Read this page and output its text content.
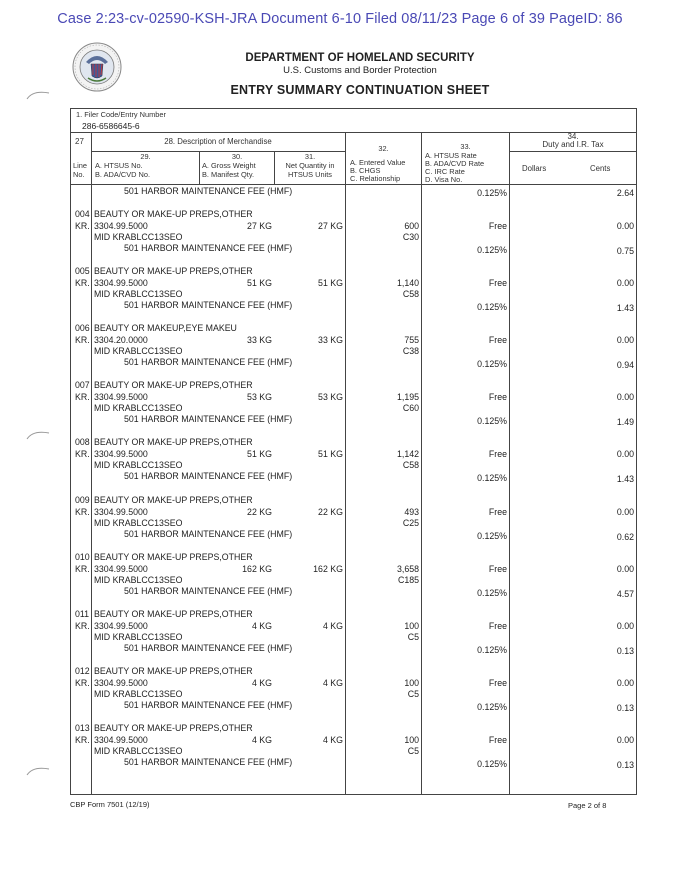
Case 2:23-cv-02590-KSH-JRA Document 6-10 Filed 08/11/23 Page 6 of 39 PageID: 86
DEPARTMENT OF HOMELAND SECURITY
U.S. Customs and Border Protection
ENTRY SUMMARY CONTINUATION SHEET
1. Filer Code/Entry Number
286-6586645-6
27	28. Description of Merchandise
Line
No.
29.
A. HTSUS No.
B. ADA/CVD No.
30.
A. Gross Weight
B. Manifest Qty.
31.
Net Quantity in
HTSUS Units
32.
A. Entered Value
B. CHGS
C. Relationship
33.
A. HTSUS Rate
B. ADA/CVD Rate
C. IRC Rate
D. Visa No.
34.
Duty and I.R. Tax
Dollars	Cents
501 HARBOR MAINTENANCE FEE (HMF)	0.125%	2.64
004 BEAUTY OR MAKE-UP PREPS,OTHER
KR. 3304.99.5000	27 KG	27 KG	600	Free	0.00
MID KRABLCC13SEO	C30
501 HARBOR MAINTENANCE FEE (HMF)	0.125%	0.75
005 BEAUTY OR MAKE-UP PREPS,OTHER
KR. 3304.99.5000	51 KG	51 KG	1,140	Free	0.00
MID KRABLCC13SEO	C58
501 HARBOR MAINTENANCE FEE (HMF)	0.125%	1.43
006 BEAUTY OR MAKEUP,EYE MAKEU
KR. 3304.20.0000	33 KG	33 KG	755	Free	0.00
MID KRABLCC13SEO	C38
501 HARBOR MAINTENANCE FEE (HMF)	0.125%	0.94
007 BEAUTY OR MAKE-UP PREPS,OTHER
KR. 3304.99.5000	53 KG	53 KG	1,195	Free	0.00
MID KRABLCC13SEO	C60
501 HARBOR MAINTENANCE FEE (HMF)	0.125%	1.49
008 BEAUTY OR MAKE-UP PREPS,OTHER
KR. 3304.99.5000	51 KG	51 KG	1,142	Free	0.00
MID KRABLCC13SEO	C58
501 HARBOR MAINTENANCE FEE (HMF)	0.125%	1.43
009 BEAUTY OR MAKE-UP PREPS,OTHER
KR. 3304.99.5000	22 KG	22 KG	493	Free	0.00
MID KRABLCC13SEO	C25
501 HARBOR MAINTENANCE FEE (HMF)	0.125%	0.62
010 BEAUTY OR MAKE-UP PREPS,OTHER
KR. 3304.99.5000	162 KG	162 KG	3,658	Free	0.00
MID KRABLCC13SEO	C185
501 HARBOR MAINTENANCE FEE (HMF)	0.125%	4.57
011 BEAUTY OR MAKE-UP PREPS,OTHER
KR. 3304.99.5000	4 KG	4 KG	100	Free	0.00
MID KRABLCC13SEO	C5
501 HARBOR MAINTENANCE FEE (HMF)	0.125%	0.13
012 BEAUTY OR MAKE-UP PREPS,OTHER
KR. 3304.99.5000	4 KG	4 KG	100	Free	0.00
MID KRABLCC13SEO	C5
501 HARBOR MAINTENANCE FEE (HMF)	0.125%	0.13
013 BEAUTY OR MAKE-UP PREPS,OTHER
KR. 3304.99.5000	4 KG	4 KG	100	Free	0.00
MID KRABLCC13SEO	C5
501 HARBOR MAINTENANCE FEE (HMF)	0.125%	0.13
CBP Form 7501 (12/19)	Page 2 of 8
